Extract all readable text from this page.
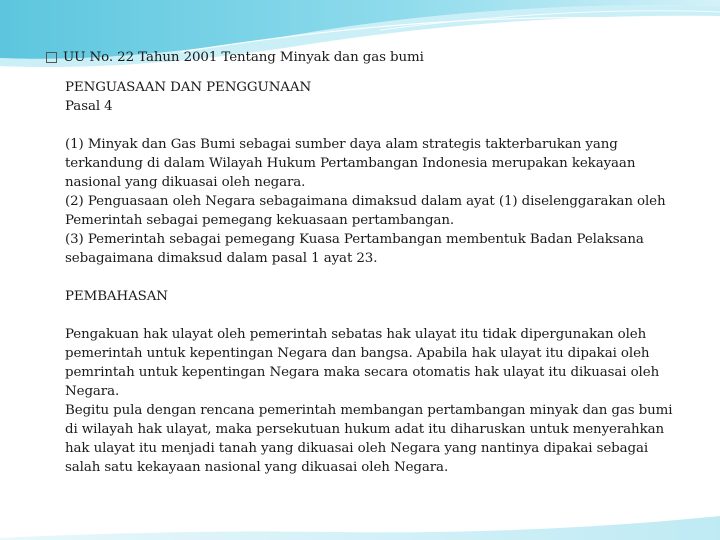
UU No. 22 Tahun 2001 Tentang Minyak dan gas bumi

PENGUASAAN DAN PENGGUNAAN

Pasal 4

(1) Minyak dan Gas Bumi sebagai sumber daya alam strategis takterbarukan yang terkandung di dalam Wilayah Hukum Pertambangan Indonesia merupakan kekayaan nasional yang dikuasai oleh negara.

(2) Penguasaan oleh Negara sebagaimana dimaksud dalam ayat (1) diselenggarakan oleh Pemerintah sebagai pemegang kekuasaan pertambangan.

(3) Pemerintah sebagai pemegang Kuasa Pertambangan membentuk Badan Pelaksana sebagaimana dimaksud dalam pasal 1 ayat 23.

PEMBAHASAN

Pengakuan hak ulayat oleh pemerintah sebatas hak ulayat itu tidak dipergunakan oleh pemerintah untuk kepentingan Negara dan bangsa. Apabila hak ulayat itu dipakai oleh pemrintah untuk kepentingan Negara maka secara otomatis hak ulayat itu dikuasai oleh Negara.

Begitu pula dengan rencana pemerintah membangan pertambangan minyak dan gas bumi di wilayah hak ulayat, maka persekutuan hukum adat itu diharuskan untuk menyerahkan hak ulayat itu menjadi tanah yang dikuasai oleh Negara yang nantinya dipakai sebagai salah satu kekayaan nasional yang dikuasai oleh Negara.
